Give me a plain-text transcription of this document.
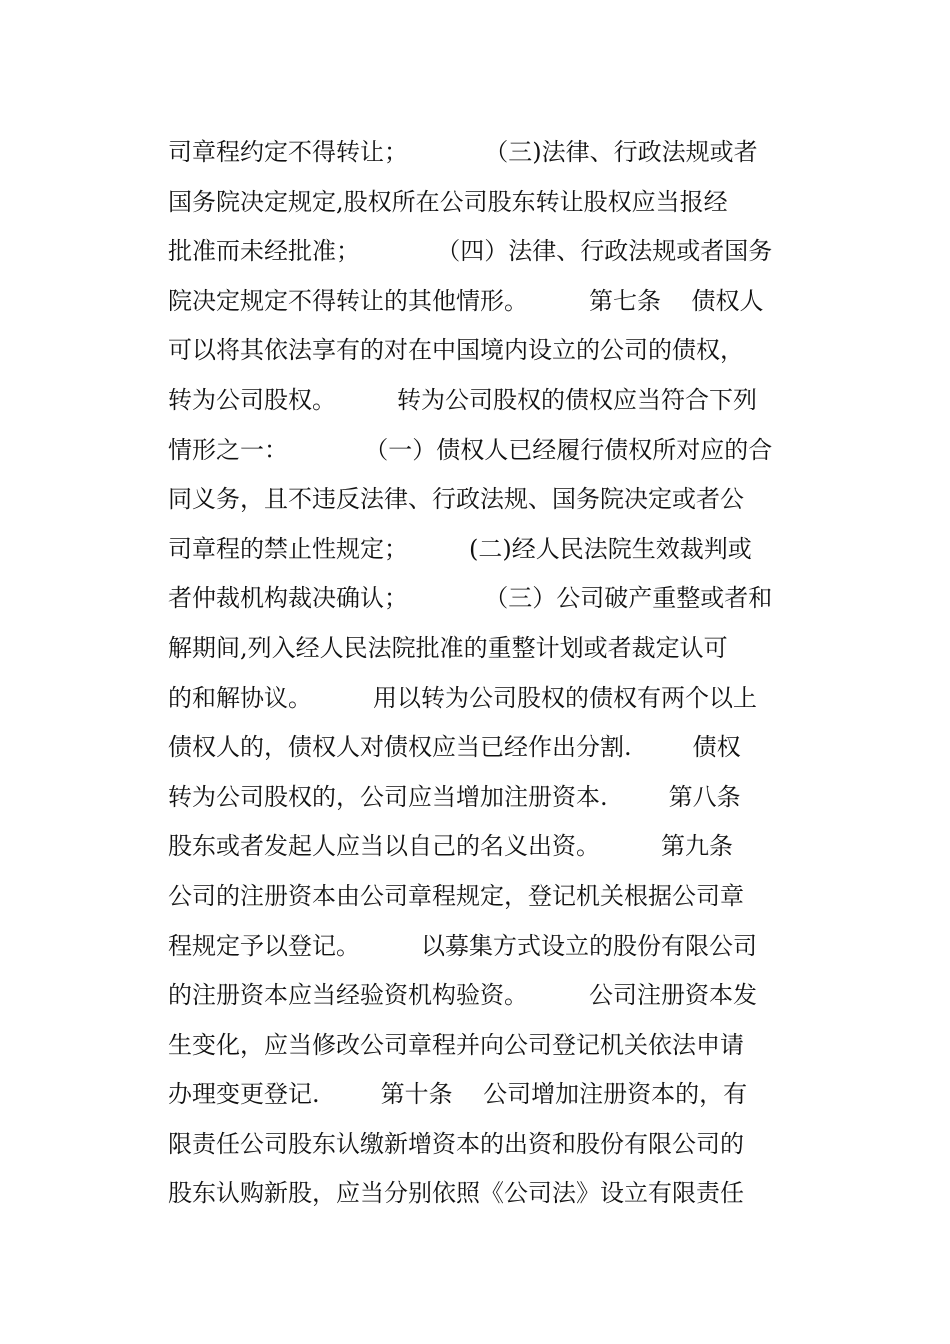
司章程约定不得转让；          （三)法律、行政法规或者
国务院决定规定,股权所在公司股东转让股权应当报经
批准而未经批准；          （四）法律、行政法规或者国务
院决定规定不得转让的其他情形。        第七条    债权人
可以将其依法享有的对在中国境内设立的公司的债权，
转为公司股权。        转为公司股权的债权应当符合下列
情形之一：          （一）债权人已经履行债权所对应的合
同义务，且不违反法律、行政法规、国务院决定或者公
司章程的禁止性规定；        (二)经人民法院生效裁判或
者仲裁机构裁决确认；          （三）公司破产重整或者和
解期间,列入经人民法院批准的重整计划或者裁定认可
的和解协议。        用以转为公司股权的债权有两个以上
债权人的，债权人对债权应当已经作出分割.        债权
转为公司股权的，公司应当增加注册资本.        第八条
股东或者发起人应当以自己的名义出资。        第九条
公司的注册资本由公司章程规定，登记机关根据公司章
程规定予以登记。        以募集方式设立的股份有限公司
的注册资本应当经验资机构验资。        公司注册资本发
生变化，应当修改公司章程并向公司登记机关依法申请
办理变更登记.        第十条    公司增加注册资本的，有
限责任公司股东认缴新增资本的出资和股份有限公司的
股东认购新股，应当分别依照《公司法》设立有限责任
